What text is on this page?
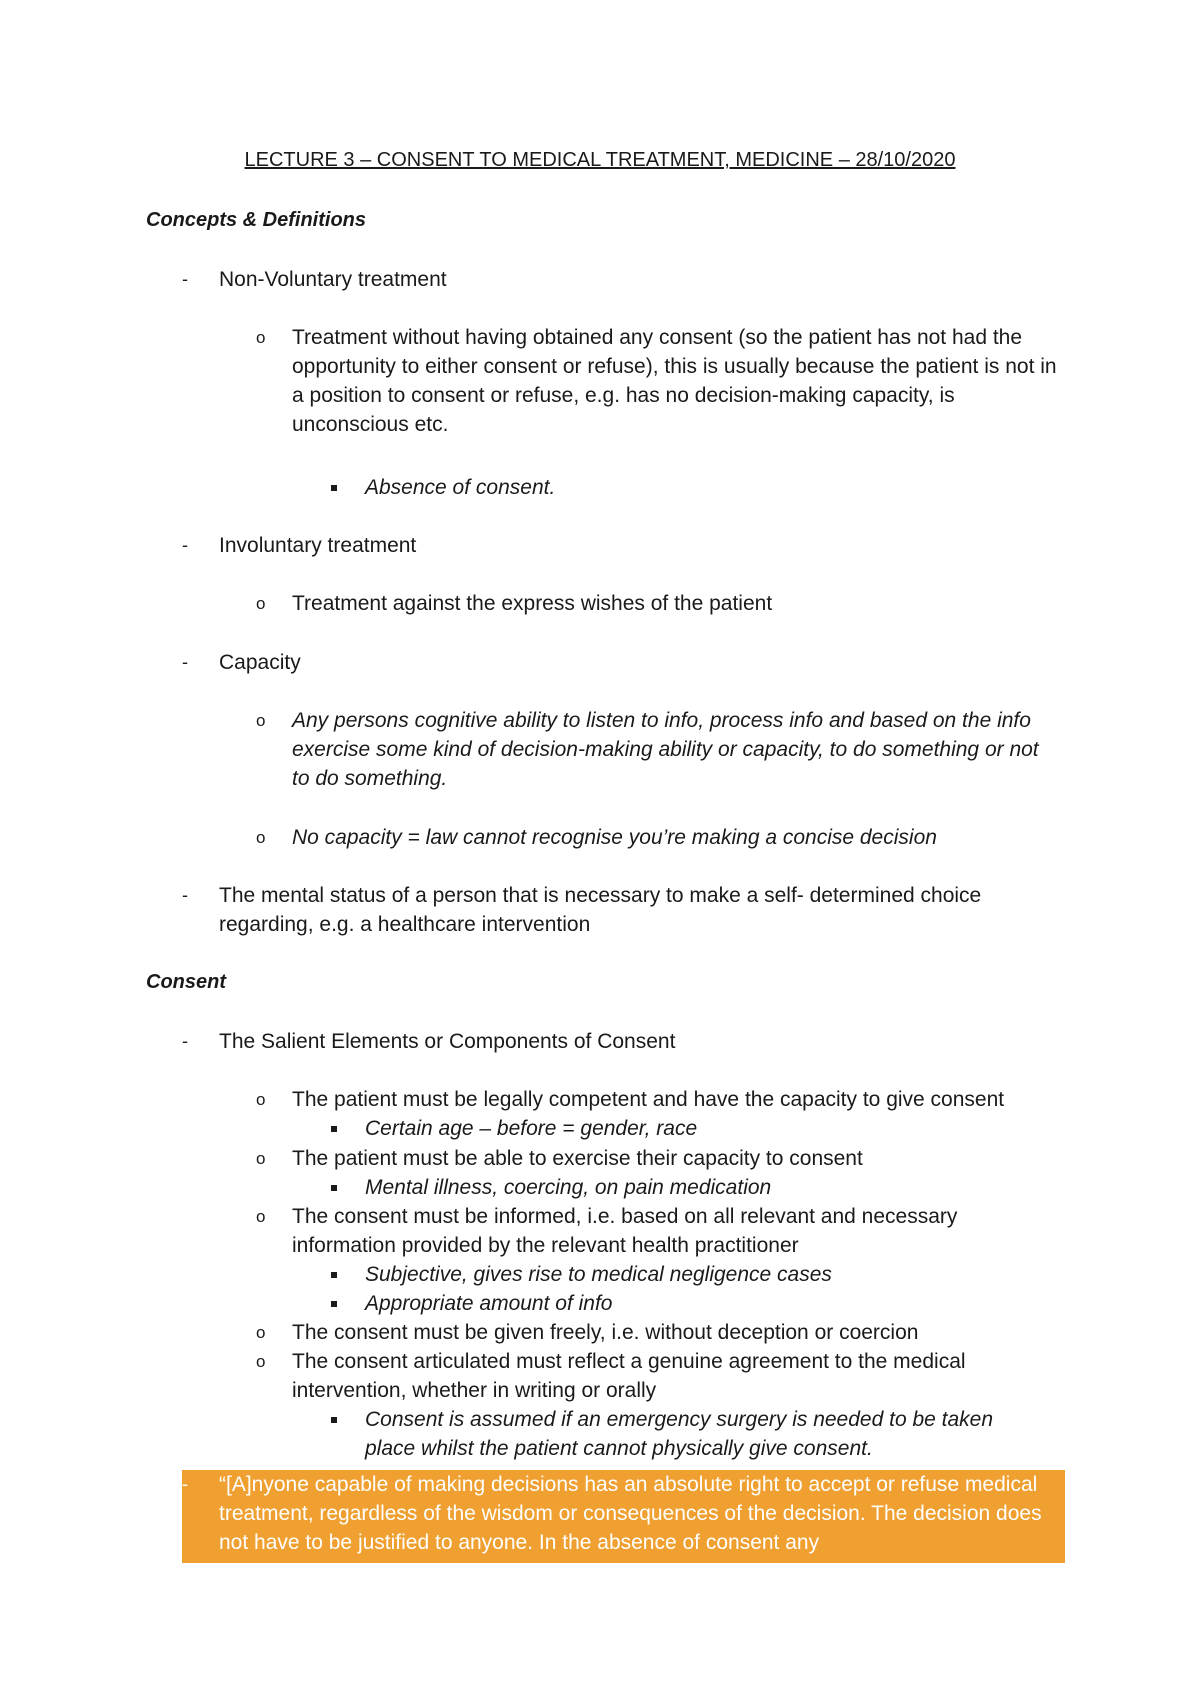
LECTURE 3 – CONSENT TO MEDICAL TREATMENT, MEDICINE – 28/10/2020
Concepts & Definitions
- Non-Voluntary treatment
o Treatment without having obtained any consent (so the patient has not had the opportunity to either consent or refuse), this is usually because the patient is not in a position to consent or refuse, e.g. has no decision-making capacity, is unconscious etc.
Absence of consent.
- Involuntary treatment
o Treatment against the express wishes of the patient
- Capacity
o Any persons cognitive ability to listen to info, process info and based on the info exercise some kind of decision-making ability or capacity, to do something or not to do something.
o No capacity = law cannot recognise you’re making a concise decision
- The mental status of a person that is necessary to make a self- determined choice regarding, e.g. a healthcare intervention
Consent
- The Salient Elements or Components of Consent
o The patient must be legally competent and have the capacity to give consent
Certain age – before = gender, race
o The patient must be able to exercise their capacity to consent
Mental illness, coercing, on pain medication
o The consent must be informed, i.e. based on all relevant and necessary information provided by the relevant health practitioner
Subjective, gives rise to medical negligence cases
Appropriate amount of info
o The consent must be given freely, i.e. without deception or coercion
o The consent articulated must reflect a genuine agreement to the medical intervention, whether in writing or orally
Consent is assumed if an emergency surgery is needed to be taken place whilst the patient cannot physically give consent.
- “[A]nyone capable of making decisions has an absolute right to accept or refuse medical treatment, regardless of the wisdom or consequences of the decision. The decision does not have to be justified to anyone. In the absence of consent any
